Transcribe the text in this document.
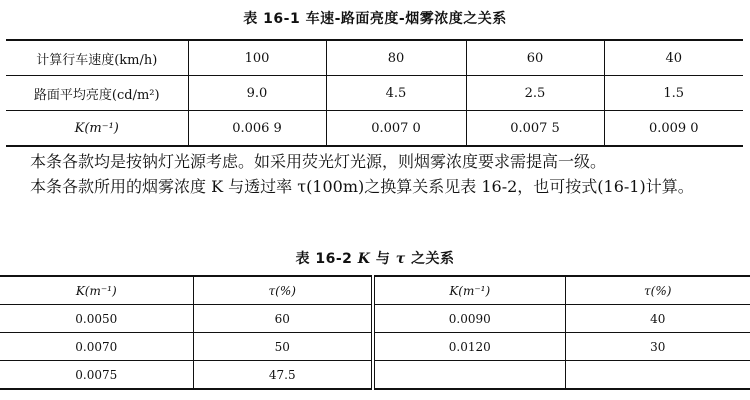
表 16-1 车速-路面亮度-烟雾浓度之关系
计算行车速度(km/h)	100	80	60	40
路面平均亮度(cd/m²)	9.0	4.5	2.5	1.5
K(m⁻¹)	0.006 9	0.007 0	0.007 5	0.009 0
本条各款均是按钠灯光源考虑。如采用荧光灯光源，则烟雾浓度要求需提高一级。
本条各款所用的烟雾浓度 K 与透过率 τ(100m)之换算关系见表 16-2，也可按式(16-1)计算。
表 16-2 K 与 τ 之关系
K(m⁻¹)	τ(%)	K(m⁻¹)	τ(%)
0.0050	60	0.0090	40
0.0070	50	0.0120	30
0.0075	47.5		
